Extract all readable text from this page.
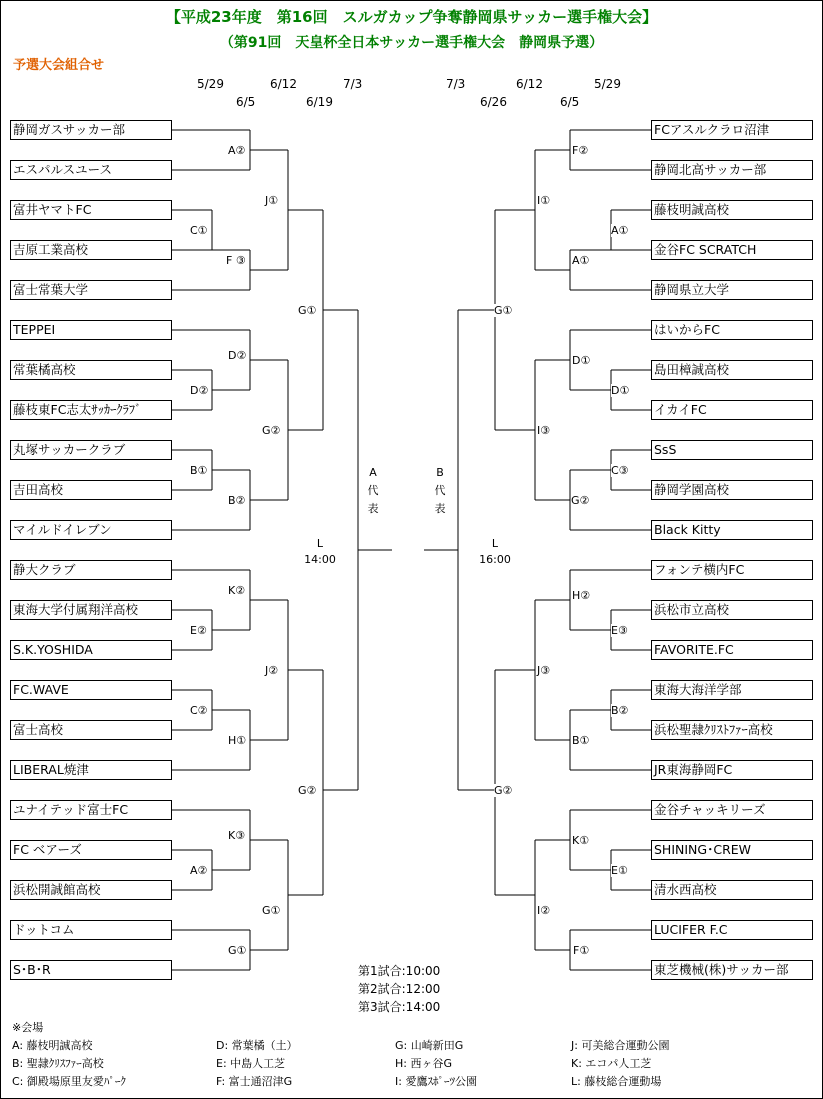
【平成23年度　第16回　スルガカップ争奪静岡県サッカー選手権大会】
（第91回　天皇杯全日本サッカー選手権大会　静岡県予選）
予選大会組合せ
5/29	6/12	7/3
6/5	6/19
7/3	6/12	5/29
6/26	6/5
静岡ガスサッカー部
エスパルスユース
富井ヤマトFC
吉原工業高校
富士常葉大学
TEPPEI
常葉橘高校
藤枝東FC志太ｻｯｶｰｸﾗﾌﾞ
丸塚サッカークラブ
吉田高校
マイルドイレブン
静大クラブ
東海大学付属翔洋高校
S.K.YOSHIDA
FC.WAVE
富士高校
LIBERAL焼津
ユナイテッド富士FC
FC ベアーズ
浜松開誠館高校
ドットコム
S･B･R
FCアスルクラロ沼津
静岡北高サッカー部
藤枝明誠高校
金谷FC SCRATCH
静岡県立大学
はいからFC
島田樟誠高校
イカイFC
SsS
静岡学園高校
Black Kitty
フォンテ横内FC
浜松市立高校
FAVORITE.FC
東海大海洋学部
浜松聖隷ｸﾘｽﾄﾌｧｰ高校
JR東海静岡FC
金谷チャッキリーズ
SHINING･CREW
清水西高校
LUCIFER F.C
東芝機械(株)サッカー部
A②
C①
D②
B①
E②
C②
A②
G①
F ③
D②
B②
K②
H①
K③
J①
G②
J②
G①
G①
G②
A①
D①
C③
E③
B②
E①
F①
F②
A①
D①
G②
H②
B①
K①
I②
I①
I③
J③
G①
G②
A
代
表
B
代
表
L
14:00
L
16:00
第1試合:10:00
第2試合:12:00
第3試合:14:00
※会場
A: 藤枝明誠高校	D: 常葉橘（土）	G: 山崎新田G	J: 可美総合運動公園
B: 聖隷ｸﾘｽﾌｧｰ高校	E: 中島人工芝	H: 西ヶ谷G	K: エコパ人工芝
C: 御殿場原里友愛ﾊﾟｰｸ	F: 富士通沼津G	I: 愛鷹ｽﾎﾟｰﾂ公園	L: 藤枝総合運動場
